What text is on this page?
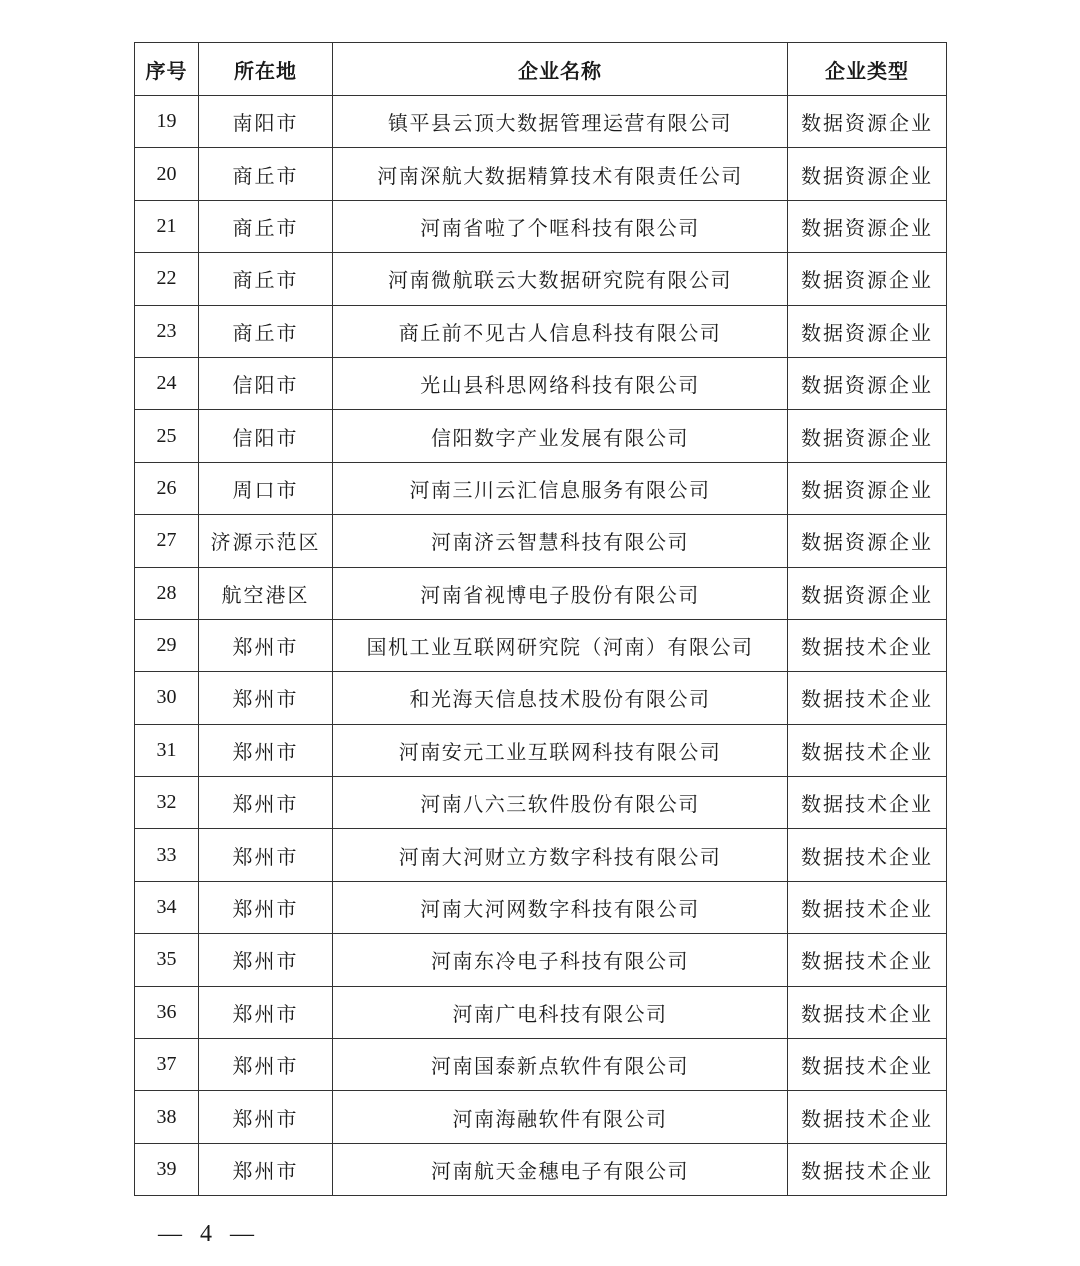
序号	所在地	企业名称	企业类型
19	南阳市	镇平县云顶大数据管理运营有限公司	数据资源企业
20	商丘市	河南深航大数据精算技术有限责任公司	数据资源企业
21	商丘市	河南省啦了个哐科技有限公司	数据资源企业
22	商丘市	河南微航联云大数据研究院有限公司	数据资源企业
23	商丘市	商丘前不见古人信息科技有限公司	数据资源企业
24	信阳市	光山县科思网络科技有限公司	数据资源企业
25	信阳市	信阳数字产业发展有限公司	数据资源企业
26	周口市	河南三川云汇信息服务有限公司	数据资源企业
27	济源示范区	河南济云智慧科技有限公司	数据资源企业
28	航空港区	河南省视博电子股份有限公司	数据资源企业
29	郑州市	国机工业互联网研究院（河南）有限公司	数据技术企业
30	郑州市	和光海天信息技术股份有限公司	数据技术企业
31	郑州市	河南安元工业互联网科技有限公司	数据技术企业
32	郑州市	河南八六三软件股份有限公司	数据技术企业
33	郑州市	河南大河财立方数字科技有限公司	数据技术企业
34	郑州市	河南大河网数字科技有限公司	数据技术企业
35	郑州市	河南东冷电子科技有限公司	数据技术企业
36	郑州市	河南广电科技有限公司	数据技术企业
37	郑州市	河南国泰新点软件有限公司	数据技术企业
38	郑州市	河南海融软件有限公司	数据技术企业
39	郑州市	河南航天金穗电子有限公司	数据技术企业
— 4 —
